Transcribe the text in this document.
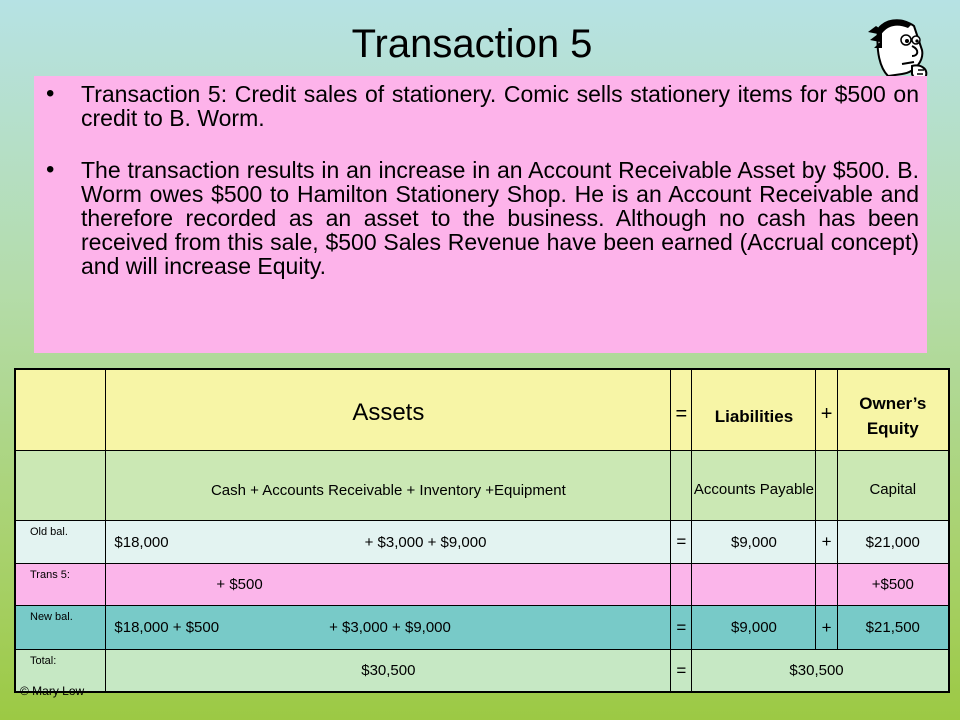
Transaction 5
•	Transaction 5: Credit sales of stationery. Comic sells stationery items for $500 on credit to B. Worm.
•	The transaction results in an increase in an Account Receivable Asset by $500. B. Worm owes $500 to Hamilton Stationery Shop. He is an Account Receivable and therefore recorded as an asset to the business. Although no cash has been received from this sale, $500 Sales Revenue have been earned (Accrual concept) and will increase Equity.
	Assets	=	Liabilities	+	Owner’s Equity
	Cash + Accounts Receivable + Inventory +Equipment		Accounts Payable		Capital
Old bal.	$18,000 + $3,000 + $9,000	=	$9,000	+	$21,000
Trans 5:	+ $500				+$500
New bal.	$18,000 + $500 + $3,000 + $9,000	=	$9,000	+	$21,500
Total:	$30,500	=	$30,500		
© Mary Low
